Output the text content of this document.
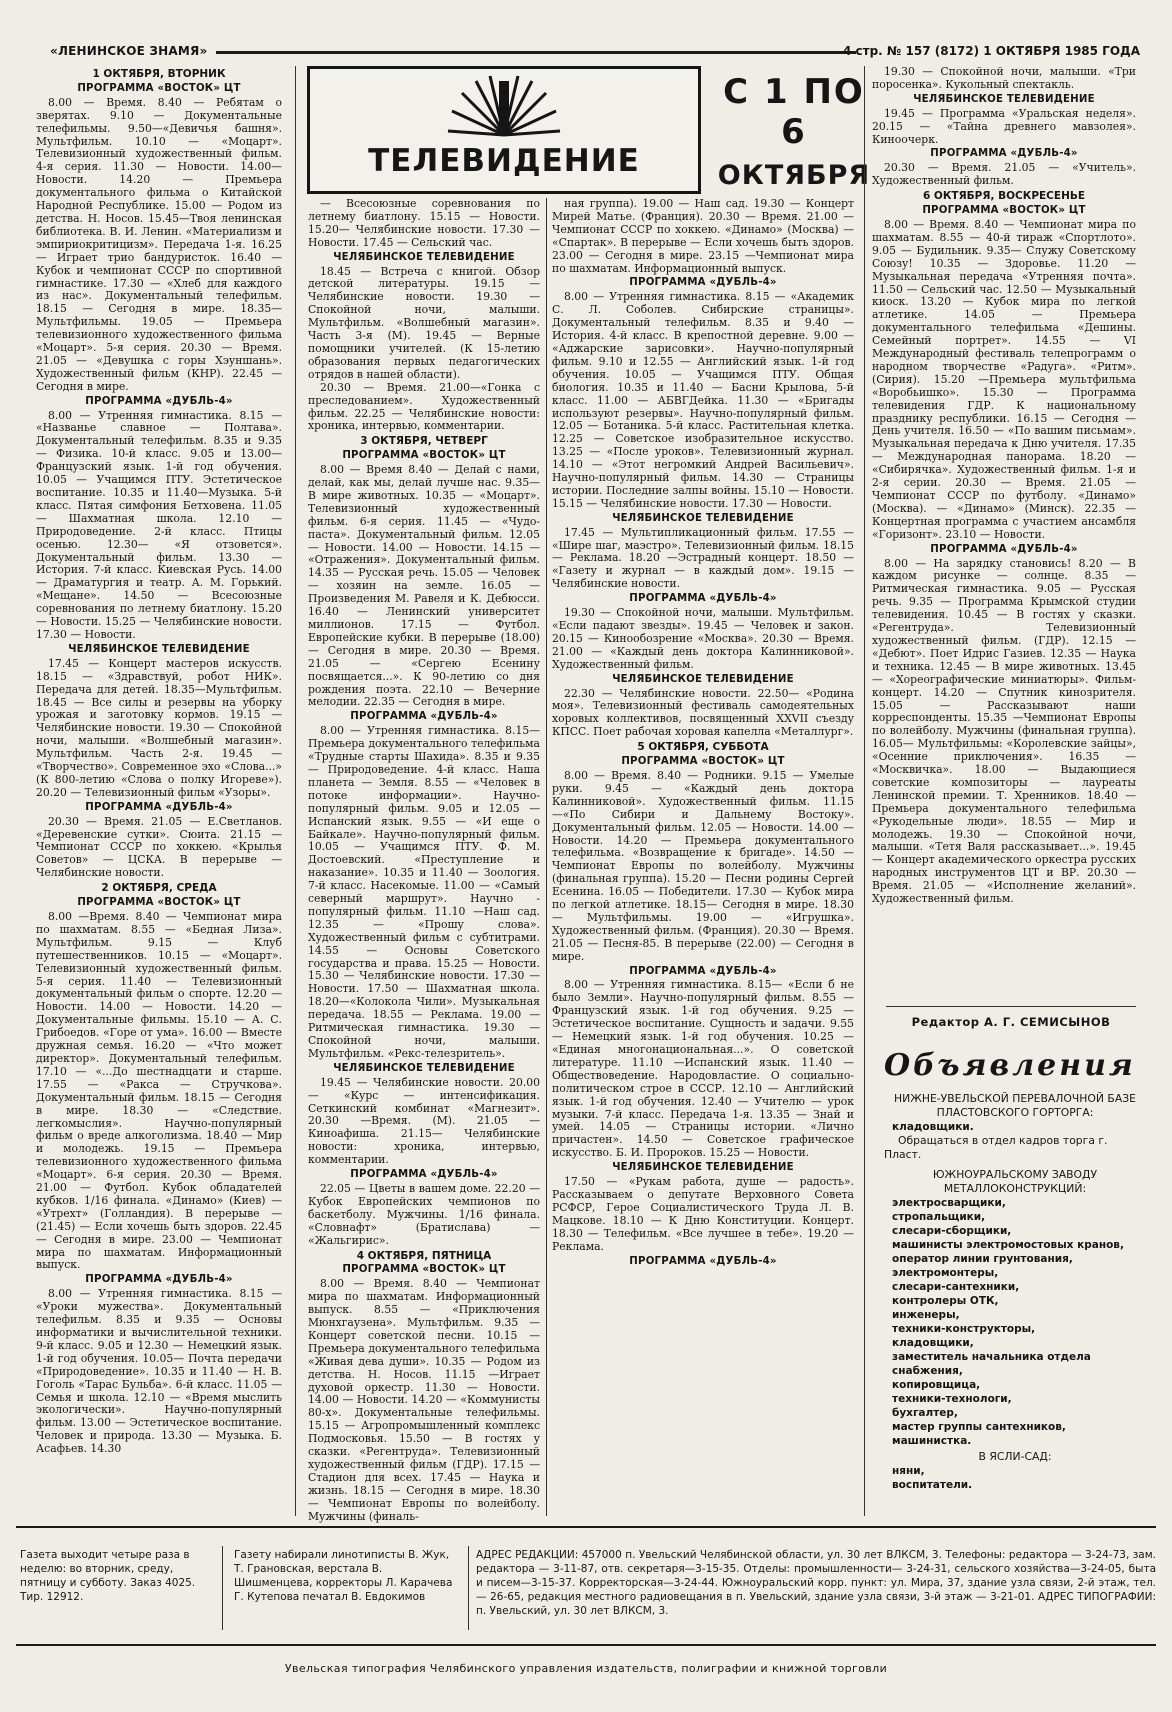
«ЛЕНИНСКОЕ ЗНАМЯ»	4 стр. № 157 (8172) 1 ОКТЯБРЯ 1985 ГОДА
ТЕЛЕВИДЕНИЕ
С 1 ПО 6
ОКТЯБРЯ

1 ОКТЯБРЯ, ВТОРНИК

ПРОГРАММА «ВОСТОК» ЦТ

8.00 — Время. 8.40 — Ребятам о зверятах. 9.10 — Документальные телефильмы. 9.50—«Девичья башня». Мультфильм. 10.10 — «Моцарт». Телевизионный художественный фильм. 4-я серия. 11.30 — Новости. 14.00—Новости. 14.20 — Премьера документального фильма о Китайской Народной Республике. 15.00 — Родом из детства. Н. Носов. 15.45—Твоя ленинская библиотека. В. И. Ленин. «Материализм и эмпириокритицизм». Передача 1-я. 16.25 — Играет трио бандуристок. 16.40 — Кубок и чемпионат СССР по спортивной гимнастике. 17.30 — «Хлеб для каждого из нас». Документальный телефильм. 18.15 — Сегодня в мире. 18.35—Мультфильмы. 19.05 — Премьера телевизионного художественного фильма «Моцарт». 5-я серия. 20.30 — Время. 21.05 — «Девушка с горы Хэуншань». Художественный фильм (КНР). 22.45 — Сегодня в мире.

ПРОГРАММА «ДУБЛЬ-4»

8.00 — Утренняя гимнастика. 8.15 — «Названье славное — Полтава». Документальный телефильм. 8.35 и 9.35 — Физика. 10-й класс. 9.05 и 13.00—Французский язык. 1-й год обучения. 10.05 — Учащимся ПТУ. Эстетическое воспитание. 10.35 и 11.40—Музыка. 5-й класс. Пятая симфония Бетховена. 11.05 — Шахматная школа. 12.10 — Природоведение. 2-й класс. Птицы осенью. 12.30— «Я отзовется». Документальный фильм. 13.30 — История. 7-й класс. Киевская Русь. 14.00 — Драматургия и театр. А. М. Горький. «Мещане». 14.50 — Всесоюзные соревнования по летнему биатлону. 15.20 — Новости. 15.25 — Челябинские новости. 17.30 — Новости.

ЧЕЛЯБИНСКОЕ ТЕЛЕВИДЕНИЕ

17.45 — Концерт мастеров искусств. 18.15 — «Здравствуй, робот НИК». Передача для детей. 18.35—Мультфильм. 18.45 — Все силы и резервы на уборку урожая и заготовку кормов. 19.15 — Челябинские новости. 19.30 — Спокойной ночи, малыши. «Волшебный магазин». Мультфильм. Часть 2-я. 19.45 — «Творчество». Современное эхо «Слова...» (К 800-летию «Слова о полку Игореве»). 20.20 — Телевизионный фильм «Узоры».

ПРОГРАММА «ДУБЛЬ-4»

20.30 — Время. 21.05 — Е.Светланов. «Деревенские сутки». Сюита. 21.15 — Чемпионат СССР по хоккею. «Крылья Советов» — ЦСКА. В перерыве — Челябинские новости.

2 ОКТЯБРЯ, СРЕДА

ПРОГРАММА «ВОСТОК» ЦТ

8.00 —Время. 8.40 — Чемпионат мира по шахматам. 8.55 — «Бедная Лиза». Мультфильм. 9.15 — Клуб путешественников. 10.15 — «Моцарт». Телевизионный художественный фильм. 5-я серия. 11.40 — Телевизионный документальный фильм о спорте. 12.20 — Новости. 14.00 — Новости. 14.20 — Документальные фильмы. 15.10 — А. С. Грибоедов. «Горе от ума». 16.00 — Вместе дружная семья. 16.20 — «Что может директор». Документальный телефильм. 17.10 — «...До шестнадцати и старше. 17.55 — «Ракса — Стручкова». Документальный фильм. 18.15 — Сегодня в мире. 18.30 — «Следствие. легкомыслия». Научно-популярный фильм о вреде алкоголизма. 18.40 — Мир и молодежь. 19.15 — Премьера телевизионного художественного фильма «Моцарт». 6-я серия. 20.30 — Время. 21.00 — Футбол. Кубок обладателей кубков. 1/16 финала. «Динамо» (Киев) — «Утрехт» (Голландия). В перерыве — (21.45) — Если хочешь быть здоров. 22.45 — Сегодня в мире. 23.00 — Чемпионат мира по шахматам. Информационный выпуск.

ПРОГРАММА «ДУБЛЬ-4»

8.00 — Утренняя гимнастика. 8.15 — «Уроки мужества». Документальный телефильм. 8.35 и 9.35 — Основы информатики и вычислительной техники. 9-й класс. 9.05 и 12.30 — Немецкий язык. 1-й год обучения. 10.05— Почта передачи «Природоведение». 10.35 и 11.40 — Н. В. Гоголь «Тарас Бульба». 6-й класс. 11.05 — Семья и школа. 12.10 — «Время мыслить экологически». Научно-популярный фильм. 13.00 — Эстетическое воспитание. Человек и природа. 13.30 — Музыка. Б. Асафьев. 14.30

— Всесоюзные соревнования по летнему биатлону. 15.15 — Новости. 15.20— Челябинские новости. 17.30 — Новости. 17.45 — Сельский час.

ЧЕЛЯБИНСКОЕ ТЕЛЕВИДЕНИЕ

18.45 — Встреча с книгой. Обзор детской литературы. 19.15 — Челябинские новости. 19.30 — Спокойной ночи, малыши. Мультфильм. «Волшебный магазин». Часть 3-я (М). 19.45 — Верные помощники учителей. (К 15-летию образования первых педагогических отрядов в нашей области).

20.30 — Время. 21.00—«Гонка с преследованием». Художественный фильм. 22.25 — Челябинские новости: хроника, интервью, комментарии.

3 ОКТЯБРЯ, ЧЕТВЕРГ

ПРОГРАММА «ВОСТОК» ЦТ

8.00 — Время 8.40 — Делай с нами, делай, как мы, делай лучше нас. 9.35— В мире животных. 10.35 — «Моцарт». Телевизионный художественный фильм. 6-я серия. 11.45 — «Чудо-паста». Документальный фильм. 12.05 — Новости. 14.00 — Новости. 14.15 — «Отражения». Документальный фильм. 14.35 — Русская речь. 15.05 — Человек — хозяин на земле. 16.05 — Произведения М. Равеля и К. Дебюсси. 16.40 — Ленинский университет миллионов. 17.15 — Футбол. Европейские кубки. В перерыве (18.00) — Сегодня в мире. 20.30 — Время. 21.05 — «Сергею Есенину посвящается...». К 90-летию со дня рождения поэта. 22.10 — Вечерние мелодии. 22.35 — Сегодня в мире.

ПРОГРАММА «ДУБЛЬ-4»

8.00 — Утренняя гимнастика. 8.15— Премьера документального телефильма «Трудные старты Шахида». 8.35 и 9.35 — Природоведение. 4-й класс. Наша планета — Земля. 8.55 — «Человек в потоке информации». Научно-популярный фильм. 9.05 и 12.05 — Испанский язык. 9.55 — «И еще о Байкале». Научно-популярный фильм. 10.05 — Учащимся ПТУ. Ф. М. Достоевский. «Преступление и наказание». 10.35 и 11.40 — Зоология. 7-й класс. Насекомые. 11.00 — «Самый северный маршрут». Научно - популярный фильм. 11.10 —Наш сад. 12.35 — «Прошу слова». Художественный фильм с субтитрами. 14.55 — Основы Советского государства и права. 15.25 — Новости. 15.30 — Челябинские новости. 17.30 — Новости. 17.50 — Шахматная школа. 18.20—«Колокола Чили». Музыкальная передача. 18.55 — Реклама. 19.00 — Ритмическая гимнастика. 19.30 — Спокойной ночи, малыши. Мультфильм. «Рекс-телезритель».

ЧЕЛЯБИНСКОЕ ТЕЛЕВИДЕНИЕ

19.45 — Челябинские новости. 20.00 — «Курс — интенсификация. Сеткинский комбинат «Магнезит». 20.30 —Время. (М). 21.05 — Киноафиша. 21.15— Челябинские новости: хроника, интервью, комментарии.

ПРОГРАММА «ДУБЛЬ-4»

22.05 — Цветы в вашем доме. 22.20 — Кубок Европейских чемпионов по баскетболу. Мужчины. 1/16 финала. «Словнафт» (Братислава) — «Жальгирис».

4 ОКТЯБРЯ, ПЯТНИЦА

ПРОГРАММА «ВОСТОК» ЦТ

8.00 — Время. 8.40 — Чемпионат мира по шахматам. Информационный выпуск. 8.55 — «Приключения Мюнхгаузена». Мультфильм. 9.35 — Концерт советской песни. 10.15 — Премьера документального телефильма «Живая дева души». 10.35 — Родом из детства. Н. Носов. 11.15 —Играет духовой оркестр. 11.30 — Новости. 14.00 — Новости. 14.20 — «Коммунисты 80-х». Документальные телефильмы. 15.15 — Агропромышленный комплекс Подмосковья. 15.50 — В гостях у сказки. «Регентруда». Телевизионный художественный фильм (ГДР). 17.15 — Стадион для всех. 17.45 — Наука и жизнь. 18.15 — Сегодня в мире. 18.30 — Чемпионат Европы по волейболу. Мужчины (финаль-

ная группа). 19.00 — Наш сад. 19.30 — Концерт Мирей Матье. (Франция). 20.30 — Время. 21.00 — Чемпионат СССР по хоккею. «Динамо» (Москва) — «Спартак». В перерыве — Если хочешь быть здоров. 23.00 — Сегодня в мире. 23.15 —Чемпионат мира по шахматам. Информационный выпуск.

ПРОГРАММА «ДУБЛЬ-4»

8.00 — Утренняя гимнастика. 8.15 — «Академик С. Л. Соболев. Сибирские страницы». Документальный телефильм. 8.35 и 9.40 — История. 4-й класс. В крепостной деревне. 9.00 — «Аджарские зарисовки». Научно-популярный фильм. 9.10 и 12.55 — Английский язык. 1-й год обучения. 10.05 — Учащимся ПТУ. Общая биология. 10.35 и 11.40 — Басни Крылова, 5-й класс. 11.00 — АБВГДейка. 11.30 — «Бригады используют резервы». Научно-популярный фильм. 12.05 — Ботаника. 5-й класс. Растительная клетка. 12.25 — Советское изобразительное искусство. 13.25 — «После уроков». Телевизионный журнал. 14.10 — «Этот негромкий Андрей Васильевич». Научно-популярный фильм. 14.30 — Страницы истории. Последние залпы войны. 15.10 — Новости. 15.15 — Челябинские новости. 17.30 — Новости.

ЧЕЛЯБИНСКОЕ ТЕЛЕВИДЕНИЕ

17.45 — Мультипликационный фильм. 17.55 — «Шире шаг, маэстро». Телевизионный фильм. 18.15 — Реклама. 18.20 —Эстрадный концерт. 18.50 — «Газету и журнал — в каждый дом». 19.15 — Челябинские новости.

ПРОГРАММА «ДУБЛЬ-4»

19.30 — Спокойной ночи, малыши. Мультфильм. «Если падают звезды». 19.45 — Человек и закон. 20.15 — Кинообозрение «Москва». 20.30 — Время. 21.00 — «Каждый день доктора Калинниковой». Художественный фильм.

ЧЕЛЯБИНСКОЕ ТЕЛЕВИДЕНИЕ

22.30 — Челябинские новости. 22.50— «Родина моя». Телевизионный фестиваль самодеятельных хоровых коллективов, посвященный XXVII съезду КПСС. Поет рабочая хоровая капелла «Металлург».

5 ОКТЯБРЯ, СУББОТА

ПРОГРАММА «ВОСТОК» ЦТ

8.00 — Время. 8.40 — Родники. 9.15 — Умелые руки. 9.45 — «Каждый день доктора Калинниковой». Художественный фильм. 11.15—«По Сибири и Дальнему Востоку». Документальный фильм. 12.05 — Новости. 14.00 — Новости. 14.20 — Премьера документального телефильма. «Возвращение к бригаде». 14.50 — Чемпионат Европы по волейболу. Мужчины (финальная группа). 15.20 — Песни родины Сергей Есенина. 16.05 — Победители. 17.30 — Кубок мира по легкой атлетике. 18.15— Сегодня в мире. 18.30 — Мультфильмы. 19.00 — «Игрушка». Художественный фильм. (Франция). 20.30 — Время. 21.05 — Песня-85. В перерыве (22.00) — Сегодня в мире.

ПРОГРАММА «ДУБЛЬ-4»

8.00 — Утренняя гимнастика. 8.15— «Если б не было Земли». Научно-популярный фильм. 8.55 — Французский язык. 1-й год обучения. 9.25 — Эстетическое воспитание. Сущность и задачи. 9.55 — Немецкий язык. 1-й год обучения. 10.25 — «Единая многонациональная...». О советской литературе. 11.10 —Испанский язык. 11.40 — Обществоведение. Народовластие. О социально-политическом строе в СССР. 12.10 — Английский язык. 1-й год обучения. 12.40 — Учителю — урок музыки. 7-й класс. Передача 1-я. 13.35 — Знай и умей. 14.05 — Страницы истории. «Лично причастен». 14.50 — Советское графическое искусство. Б. И. Пророков. 15.25 — Новости.

ЧЕЛЯБИНСКОЕ ТЕЛЕВИДЕНИЕ

17.50 — «Рукам работа, душе — радость». Рассказываем о депутате Верховного Совета РСФСР, Герое Социалистического Труда Л. В. Мацкове. 18.10 — К Дню Конституции. Концерт. 18.30 — Телефильм. «Все лучшее в тебе». 19.20 — Реклама.

ПРОГРАММА «ДУБЛЬ-4»

19.30 — Спокойной ночи, малыши. «Три поросенка». Кукольный спектакль.

ЧЕЛЯБИНСКОЕ ТЕЛЕВИДЕНИЕ

19.45 — Программа «Уральская неделя». 20.15 — «Тайна древнего мавзолея». Киноочерк.

ПРОГРАММА «ДУБЛЬ-4»

20.30 — Время. 21.05 — «Учитель». Художественный фильм.

6 ОКТЯБРЯ, ВОСКРЕСЕНЬЕ

ПРОГРАММА «ВОСТОК» ЦТ

8.00 — Время. 8.40 — Чемпионат мира по шахматам. 8.55 — 40-й тираж «Спортлото». 9.05 — Будильник. 9.35— Служу Советскому Союзу! 10.35 — Здоровье. 11.20 — Музыкальная передача «Утренняя почта». 11.50 — Сельский час. 12.50 — Музыкальный киоск. 13.20 — Кубок мира по легкой атлетике. 14.05 — Премьера документального телефильма «Дешины. Семейный портрет». 14.55 — VI Международный фестиваль телепрограмм о народном творчестве «Радуга». «Ритм». (Сирия). 15.20 —Премьера мультфильма «Воробьишко». 15.30 — Программа телевидения ГДР. К национальному празднику республики. 16.15 — Сегодня — День учителя. 16.50 — «По вашим письмам». Музыкальная передача к Дню учителя. 17.35 — Международная панорама. 18.20 — «Сибирячка». Художественный фильм. 1-я и 2-я серии. 20.30 — Время. 21.05 — Чемпионат СССР по футболу. «Динамо» (Москва). — «Динамо» (Минск). 22.35 — Концертная программа с участием ансамбля «Горизонт». 23.10 — Новости.

ПРОГРАММА «ДУБЛЬ-4»

8.00 — На зарядку становись! 8.20 — В каждом рисунке — солнце. 8.35 — Ритмическая гимнастика. 9.05 — Русская речь. 9.35 — Программа Крымской студии телевидения. 10.45 — В гостях у сказки. «Регентруда». Телевизионный художественный фильм. (ГДР). 12.15 — «Дебют». Поет Идрис Газиев. 12.35 — Наука и техника. 12.45 — В мире животных. 13.45 — «Хореографические миниатюры». Фильм-концерт. 14.20 — Спутник кинозрителя. 15.05 — Рассказывают наши корреспонденты. 15.35 —Чемпионат Европы по волейболу. Мужчины (финальная группа). 16.05— Мультфильмы: «Королевские зайцы», «Осенние приключения». 16.35 — «Москвичка». 18.00 — Выдающиеся советские композиторы — лауреаты Ленинской премии. Т. Хренников. 18.40 — Премьера документального телефильма «Рукодельные люди». 18.55 — Мир и молодежь. 19.30 — Спокойной ночи, малыши. «Тетя Валя рассказывает...». 19.45 — Концерт академического оркестра русских народных инструментов ЦТ и ВР. 20.30 — Время. 21.05 — «Исполнение желаний». Художественный фильм.

Редактор А. Г. СЕМИСЫНОВ
Объявления
НИЖНЕ-УВЕЛЬСКОЙ ПЕРЕВАЛОЧНОЙ БАЗЕ ПЛАСТОВСКОГО ГОРТОРГА:
кладовщики.
Обращаться в отдел кадров торга г. Пласт.
ЮЖНОУРАЛЬСКОМУ ЗАВОДУ МЕТАЛЛОКОНСТРУКЦИЙ:
электросварщики,
стропальщики,
слесари-сборщики,
машинисты электромостовых кранов,
оператор линии грунтования,
электромонтеры,
слесари-сантехники,
контролеры ОТК,
инженеры,
техники-конструкторы,
кладовщики,
заместитель начальника отдела снабжения,
копировщица,
техники-технологи,
бухгалтер,
мастер группы сантехников,
машинистка.
В ЯСЛИ-САД:
няни,
воспитатели.
Газета выходит четыре раза в неделю: во вторник, среду, пятницу и субботу. Заказ 4025. Тир. 12912.
Газету набирали линотиписты В. Жук, Т. Грановская, верстала В. Шишменцева, корректоры Л. Карачева Г. Кутепова печатал В. Евдокимов
АДРЕС РЕДАКЦИИ: 457000 п. Увельский Челябинской области, ул. 30 лет ВЛКСМ, 3. Телефоны: редактора — 3-24-73, зам. редактора — 3-11-87, отв. секретаря—3-15-35. Отделы: промышленности— 3-24-31, сельского хозяйства—3-24-05, быта и писем—3-15-37. Корректорская—3-24-44. Южноуральский корр. пункт: ул. Мира, 37, здание узла связи, 2-й этаж, тел. — 26-65, редакция местного радиовещания в п. Увельский, здание узла связи, 3-й этаж — 3-21-01. АДРЕС ТИПОГРАФИИ: п. Увельский, ул. 30 лет ВЛКСМ, 3.
Увельская типография Челябинского управления издательств, полиграфии и книжной торговли
